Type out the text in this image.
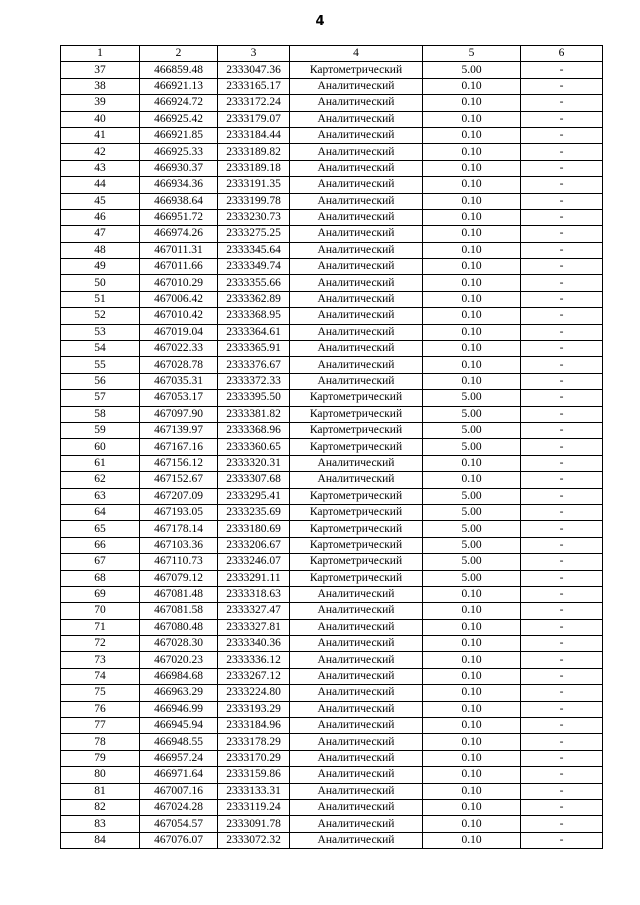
4
1	2	3	4	5	6
37	466859.48	2333047.36	Картометрический	5.00	-
38	466921.13	2333165.17	Аналитический	0.10	-
39	466924.72	2333172.24	Аналитический	0.10	-
40	466925.42	2333179.07	Аналитический	0.10	-
41	466921.85	2333184.44	Аналитический	0.10	-
42	466925.33	2333189.82	Аналитический	0.10	-
43	466930.37	2333189.18	Аналитический	0.10	-
44	466934.36	2333191.35	Аналитический	0.10	-
45	466938.64	2333199.78	Аналитический	0.10	-
46	466951.72	2333230.73	Аналитический	0.10	-
47	466974.26	2333275.25	Аналитический	0.10	-
48	467011.31	2333345.64	Аналитический	0.10	-
49	467011.66	2333349.74	Аналитический	0.10	-
50	467010.29	2333355.66	Аналитический	0.10	-
51	467006.42	2333362.89	Аналитический	0.10	-
52	467010.42	2333368.95	Аналитический	0.10	-
53	467019.04	2333364.61	Аналитический	0.10	-
54	467022.33	2333365.91	Аналитический	0.10	-
55	467028.78	2333376.67	Аналитический	0.10	-
56	467035.31	2333372.33	Аналитический	0.10	-
57	467053.17	2333395.50	Картометрический	5.00	-
58	467097.90	2333381.82	Картометрический	5.00	-
59	467139.97	2333368.96	Картометрический	5.00	-
60	467167.16	2333360.65	Картометрический	5.00	-
61	467156.12	2333320.31	Аналитический	0.10	-
62	467152.67	2333307.68	Аналитический	0.10	-
63	467207.09	2333295.41	Картометрический	5.00	-
64	467193.05	2333235.69	Картометрический	5.00	-
65	467178.14	2333180.69	Картометрический	5.00	-
66	467103.36	2333206.67	Картометрический	5.00	-
67	467110.73	2333246.07	Картометрический	5.00	-
68	467079.12	2333291.11	Картометрический	5.00	-
69	467081.48	2333318.63	Аналитический	0.10	-
70	467081.58	2333327.47	Аналитический	0.10	-
71	467080.48	2333327.81	Аналитический	0.10	-
72	467028.30	2333340.36	Аналитический	0.10	-
73	467020.23	2333336.12	Аналитический	0.10	-
74	466984.68	2333267.12	Аналитический	0.10	-
75	466963.29	2333224.80	Аналитический	0.10	-
76	466946.99	2333193.29	Аналитический	0.10	-
77	466945.94	2333184.96	Аналитический	0.10	-
78	466948.55	2333178.29	Аналитический	0.10	-
79	466957.24	2333170.29	Аналитический	0.10	-
80	466971.64	2333159.86	Аналитический	0.10	-
81	467007.16	2333133.31	Аналитический	0.10	-
82	467024.28	2333119.24	Аналитический	0.10	-
83	467054.57	2333091.78	Аналитический	0.10	-
84	467076.07	2333072.32	Аналитический	0.10	-
